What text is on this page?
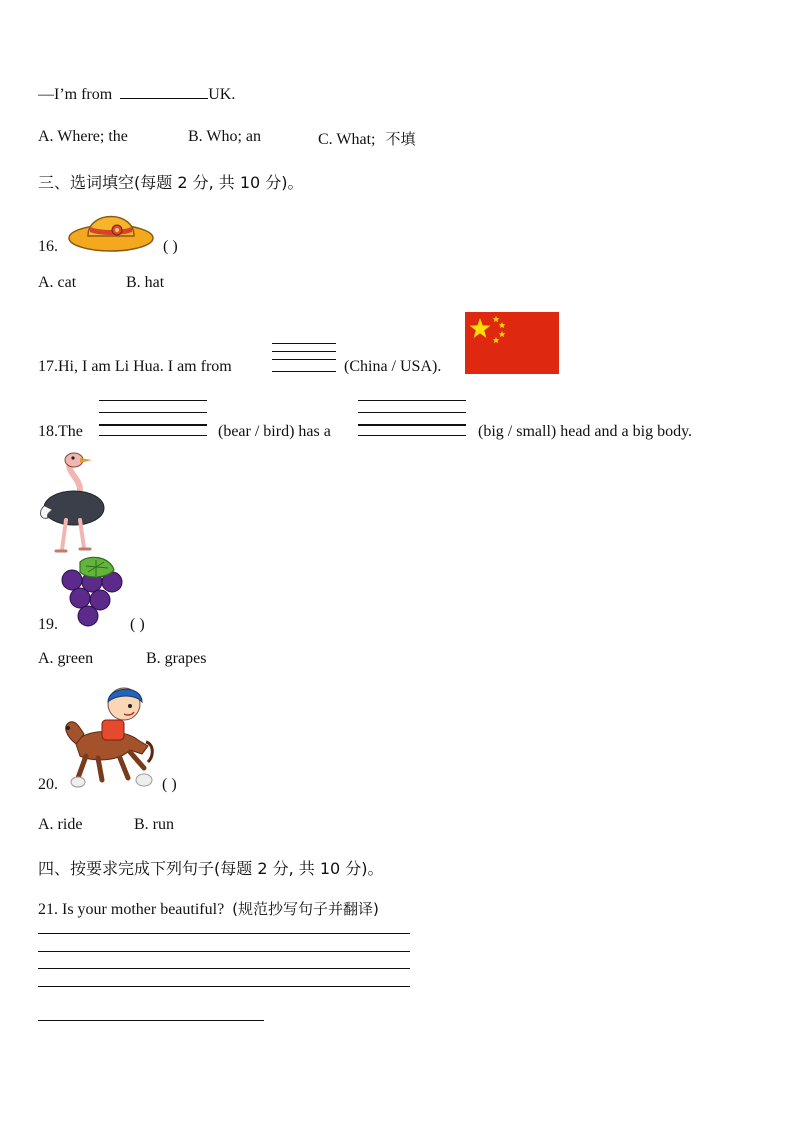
—I’m from	UK.
A. Where; the	B. Who; an	C. What; 不填
三、选词填空(每题 2 分, 共 10 分)。
16.	( )
A. cat	B. hat
17.Hi, I am Li Hua. I am from	(China / USA).
18.The	(bear / bird) has a	(big / small) head and a big body.
19.	( )
A. green	B. grapes
20.	( )
A. ride	B. run
四、按要求完成下列句子(每题 2 分, 共 10 分)。
21. Is your mother beautiful? (规范抄写句子并翻译)
